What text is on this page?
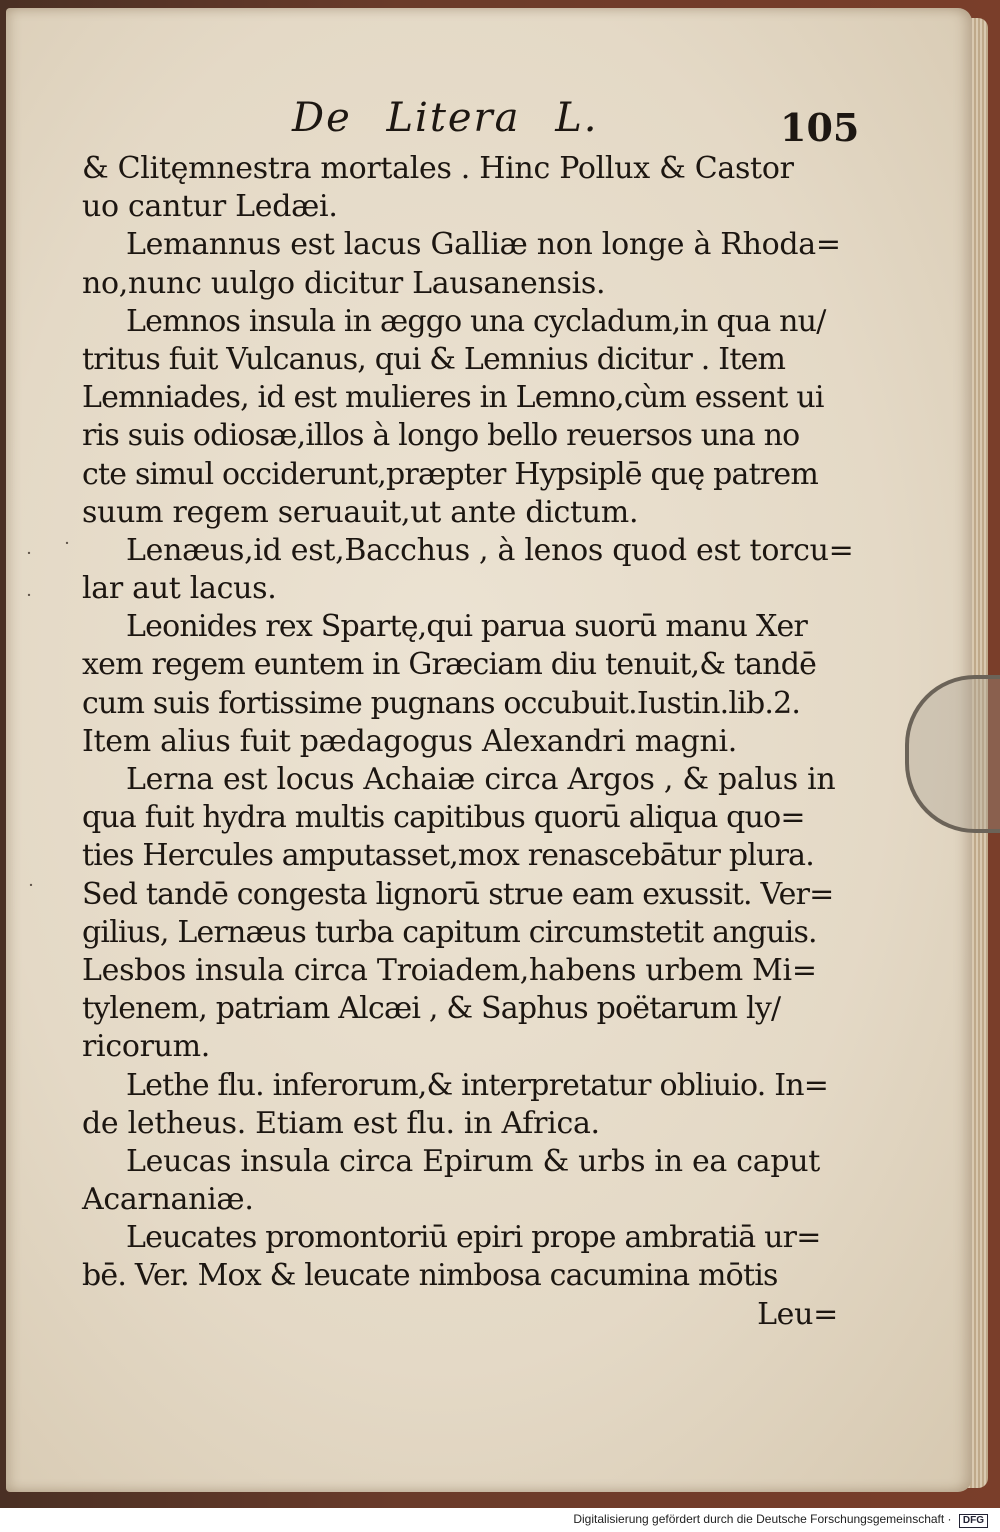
De Litera L.	105
˙ ˙
˙
˙
& Clitęmnestra mortales . Hinc Pollux & Castor
uo cantur Ledæi.
Lemannus est lacus Galliæ non longe à Rhoda=
no,nunc uulgo dicitur Lausanensis.
Lemnos insula in æggo una cycladum,in qua nu/
tritus fuit Vulcanus, qui & Lemnius dicitur . Item
Lemniades, id est mulieres in Lemno,cùm essent ui
ris suis odiosæ,illos à longo bello reuersos una no
cte simul occiderunt,præpter Hypsiplē quę patrem
suum regem seruauit,ut ante dictum.
Lenæus,id est,Bacchus , à lenos quod est torcu=
lar aut lacus.
Leonides rex Spartę,qui parua suorū manu Xer
xem regem euntem in Græciam diu tenuit,& tandē
cum suis fortissime pugnans occubuit.Iustin.lib.2.
Item alius fuit pædagogus Alexandri magni.
Lerna est locus Achaiæ circa Argos , & palus in
qua fuit hydra multis capitibus quorū aliqua quo=
ties Hercules amputasset,mox renascebātur plura.
Sed tandē congesta lignorū strue eam exussit. Ver=
gilius, Lernæus turba capitum circumstetit anguis.
Lesbos insula circa Troiadem,habens urbem Mi=
tylenem, patriam Alcæi , & Saphus poëtarum ly/
ricorum.
Lethe flu. inferorum,& interpretatur obliuio. In=
de letheus. Etiam est flu. in Africa.
Leucas insula circa Epirum & urbs in ea caput
Acarnaniæ.
Leucates promontoriū epiri prope ambratiā ur=
bē. Ver. Mox & leucate nimbosa cacumina mōtis
Leu=
Digitalisierung gefördert durch die Deutsche Forschungsgemeinschaft · DFG
